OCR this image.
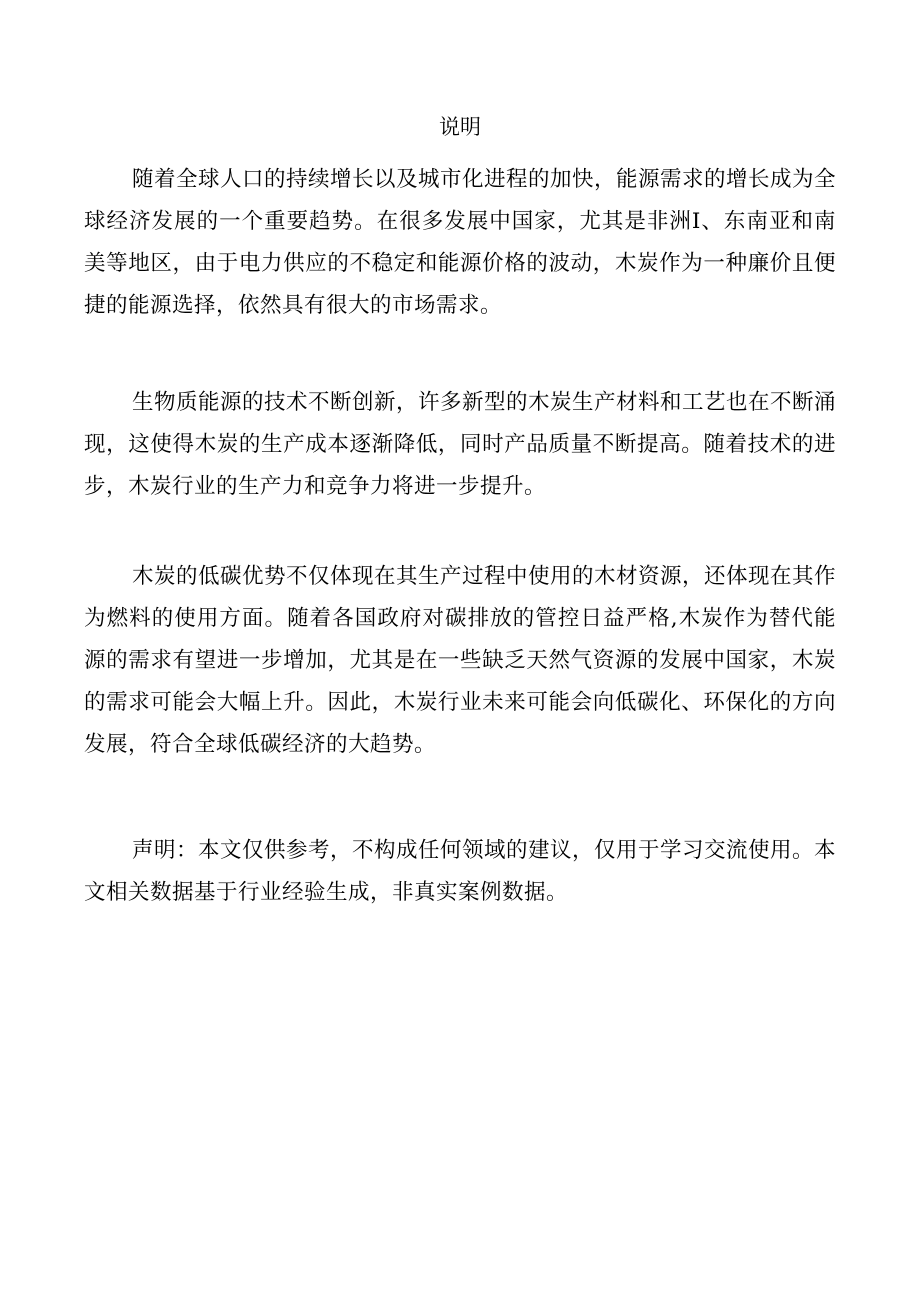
说明

随着全球人口的持续增长以及城市化进程的加快，能源需求的增长成为全球经济发展的一个重要趋势。在很多发展中国家，尤其是非洲I、东南亚和南美等地区，由于电力供应的不稳定和能源价格的波动，木炭作为一种廉价且便捷的能源选择，依然具有很大的市场需求。

生物质能源的技术不断创新，许多新型的木炭生产材料和工艺也在不断涌现，这使得木炭的生产成本逐渐降低，同时产品质量不断提高。随着技术的进步，木炭行业的生产力和竞争力将进一步提升。

木炭的低碳优势不仅体现在其生产过程中使用的木材资源，还体现在其作为燃料的使用方面。随着各国政府对碳排放的管控日益严格,木炭作为替代能源的需求有望进一步增加，尤其是在一些缺乏天然气资源的发展中国家，木炭的需求可能会大幅上升。因此，木炭行业未来可能会向低碳化、环保化的方向发展，符合全球低碳经济的大趋势。

声明：本文仅供参考，不构成任何领域的建议，仅用于学习交流使用。本文相关数据基于行业经验生成，非真实案例数据。
